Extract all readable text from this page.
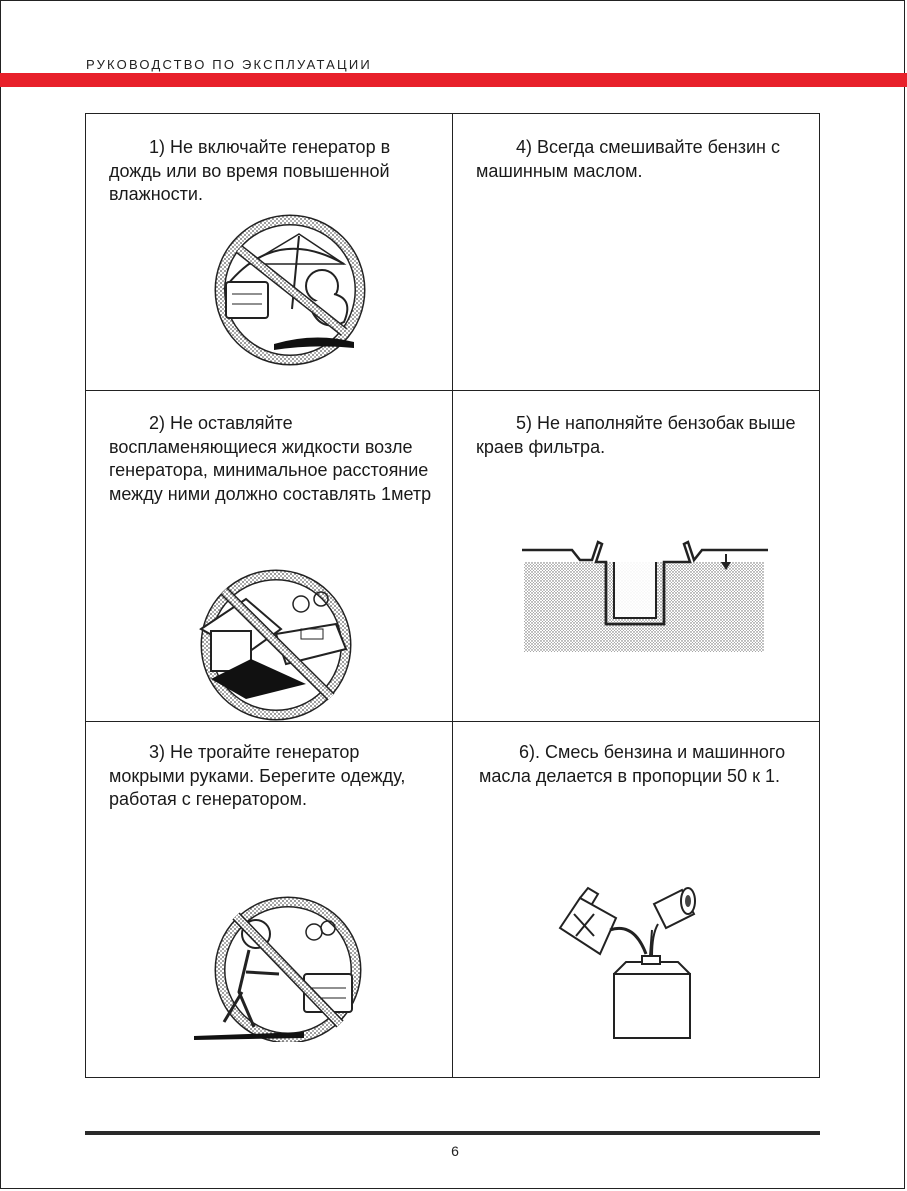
РУКОВОДСТВО ПО ЭКСПЛУАТАЦИИ
1) Не включайте генератор в дождь или во время повышенной влажности.
4) Всегда смешивайте бензин с машинным маслом.
2) Не оставляйте воспламеняющиеся жидкости возле генератора, минимальное расстояние между ними должно составлять 1метр
5) Не наполняйте бензобак выше краев фильтра.
3) Не трогайте генератор мокрыми руками. Берегите одежду, работая с генератором.
6). Смесь бензина и машинного масла делается в пропорции 50 к 1.
6
